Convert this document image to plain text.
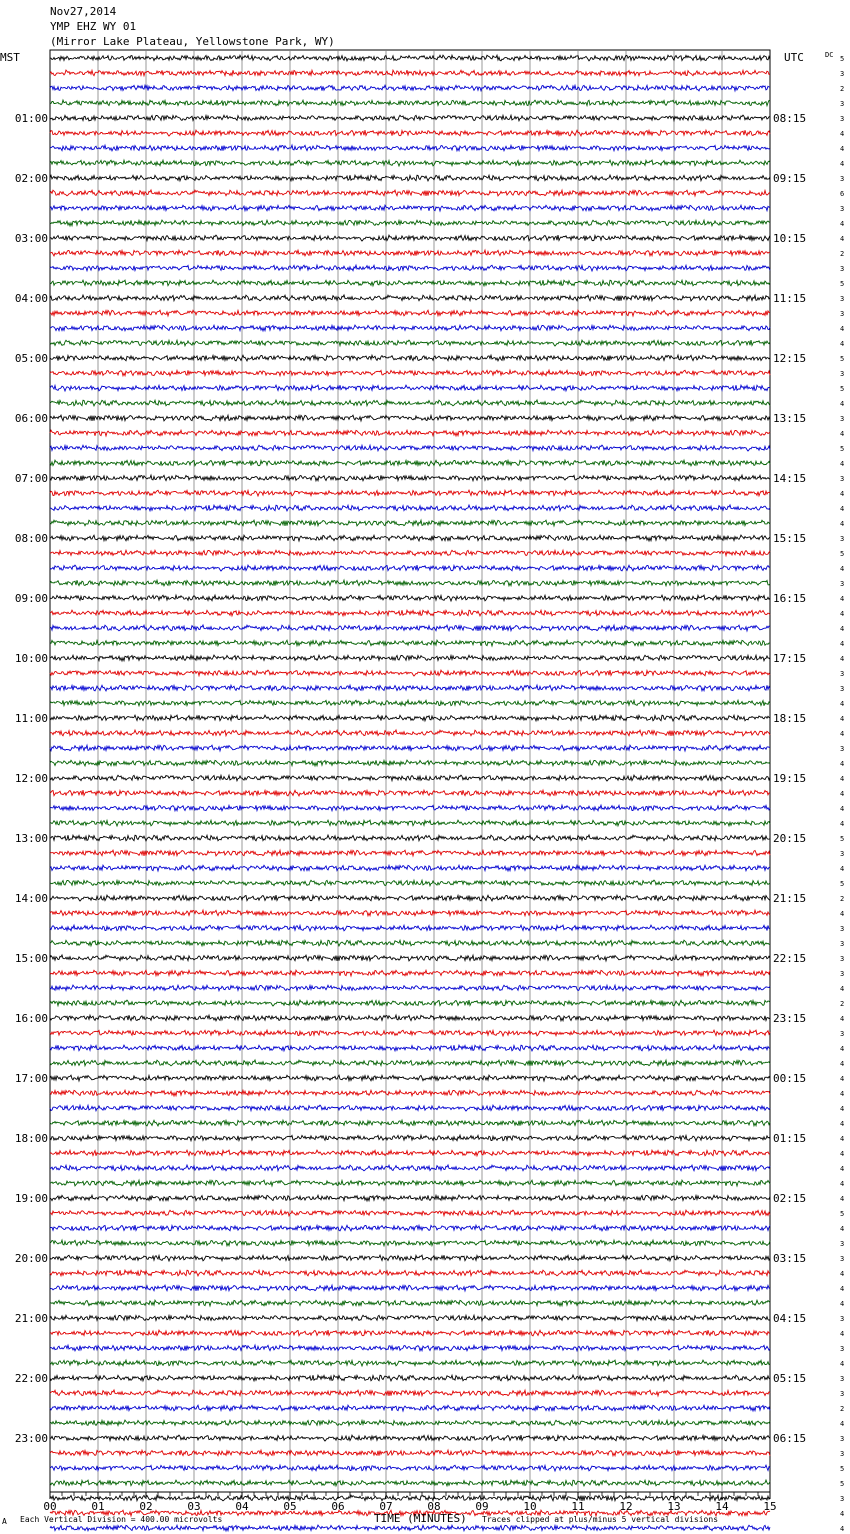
Nov27,2014
YMP EHZ WY 01
(Mirror Lake Plateau, Yellowstone Park, WY)
01:00
02:00
03:00
04:00
05:00
06:00
07:00
08:00
09:00
10:00
11:00
12:00
13:00
14:00
15:00
16:00
17:00
18:00
19:00
20:00
21:00
22:00
23:00
08:15
09:15
10:15
11:15
12:15
13:15
14:15
15:15
16:15
17:15
18:15
19:15
20:15
21:15
22:15
23:15
00:15
01:15
02:15
03:15
04:15
05:15
06:15
5
3
2
3
3
4
4
4
3
6
3
4
4
2
3
5
3
3
4
4
5
3
5
4
3
4
5
4
3
4
4
4
3
5
4
3
4
4
4
4
4
3
3
4
4
4
3
4
4
4
4
4
5
3
4
5
2
4
3
3
3
3
4
2
4
3
4
4
4
4
4
4
4
4
4
4
4
5
4
3
3
4
4
4
3
4
3
4
3
3
2
4
3
3
5
5
3
4
4
00	01	02	03	04	05	06	07	08	09	10	11	12	13	14	15
MST	UTC	DC
A Each Vertical Division = 400.00 microvolts	TIME (MINUTES) Traces clipped at plus/minus 5 vertical divisions
